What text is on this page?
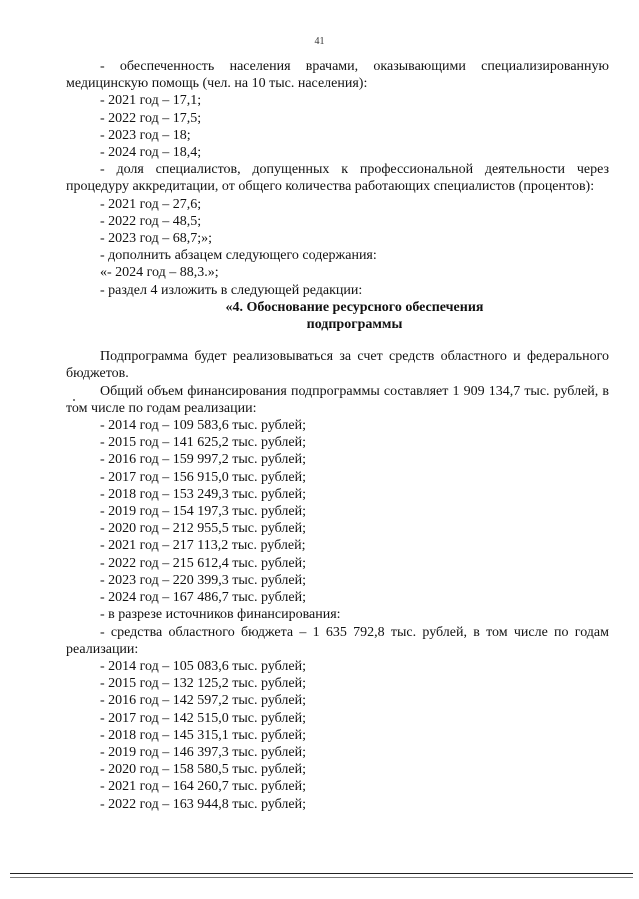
41

- обеспеченность населения врачами, оказывающими специализированную медицинскую помощь (чел. на 10 тыс. населения):

- 2021 год – 17,1;

- 2022 год – 17,5;

- 2023 год – 18;

- 2024 год – 18,4;

- доля специалистов, допущенных к профессиональной деятельности через процедуру аккредитации, от общего количества работающих специалистов (процентов):

- 2021 год – 27,6;

- 2022 год – 48,5;

- 2023 год – 68,7;»;

- дополнить абзацем следующего содержания:

«- 2024 год – 88,3.»;

- раздел 4 изложить в следующей редакции:

«4. Обоснование ресурсного обеспечения

подпрограммы

Подпрограмма будет реализовываться за счет средств областного и федерального бюджетов.

Общий объем финансирования подпрограммы составляет 1 909 134,7 тыс. рублей, в том числе по годам реализации:

- 2014 год – 109 583,6 тыс. рублей;

- 2015 год – 141 625,2 тыс. рублей;

- 2016 год – 159 997,2 тыс. рублей;

- 2017 год – 156 915,0 тыс. рублей;

- 2018 год – 153 249,3 тыс. рублей;

- 2019 год – 154 197,3 тыс. рублей;

- 2020 год – 212 955,5 тыс. рублей;

- 2021 год – 217 113,2 тыс. рублей;

- 2022 год – 215 612,4 тыс. рублей;

- 2023 год – 220 399,3 тыс. рублей;

- 2024 год – 167 486,7 тыс. рублей;

- в разрезе источников финансирования:

- средства областного бюджета – 1 635 792,8 тыс. рублей, в том числе по годам реализации:

- 2014 год – 105 083,6 тыс. рублей;

- 2015 год – 132 125,2 тыс. рублей;

- 2016 год – 142 597,2 тыс. рублей;

- 2017 год – 142 515,0 тыс. рублей;

- 2018 год – 145 315,1 тыс. рублей;

- 2019 год – 146 397,3 тыс. рублей;

- 2020 год – 158 580,5 тыс. рублей;

- 2021 год – 164 260,7 тыс. рублей;

- 2022 год – 163 944,8 тыс. рублей;
